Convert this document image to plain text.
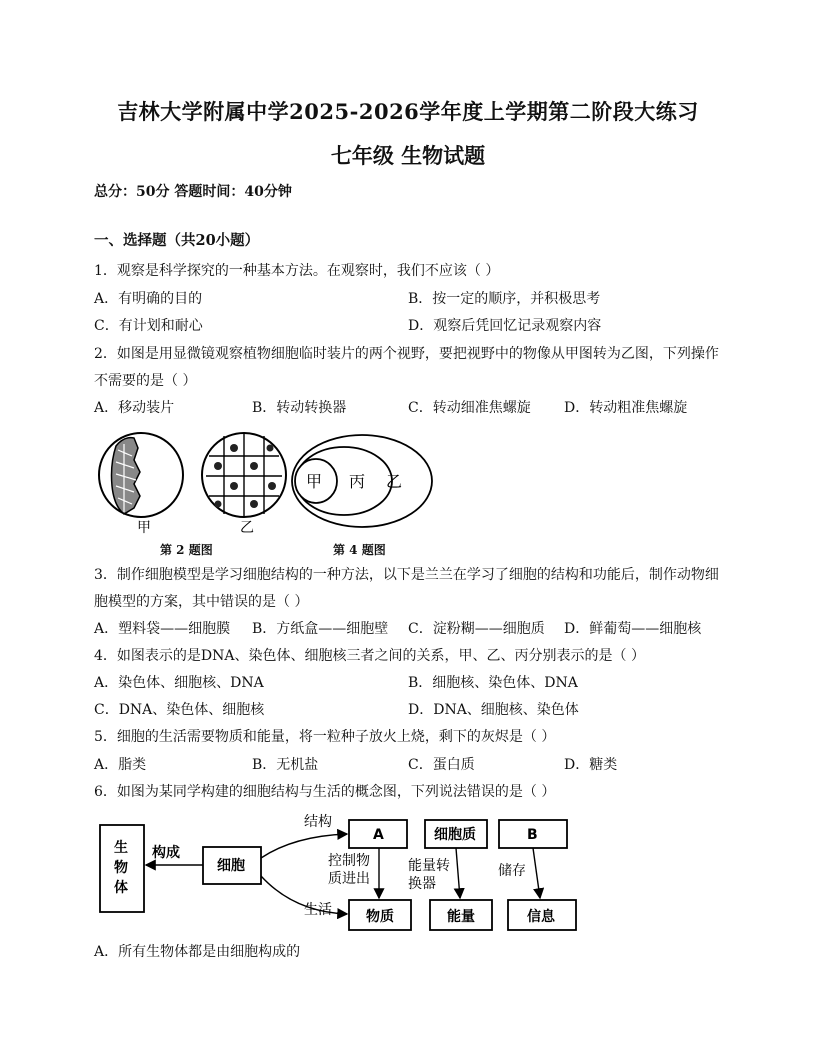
吉林大学附属中学2025-2026学年度上学期第二阶段大练习
七年级 生物试题
总分：50分 答题时间：40分钟
一、选择题（共20小题）
1．观察是科学探究的一种基本方法。在观察时，我们不应该（ ）
A．有明确的目的	B．按一定的顺序，并积极思考
C．有计划和耐心	D．观察后凭回忆记录观察内容
2．如图是用显微镜观察植物细胞临时装片的两个视野，要把视野中的物像从甲图转为乙图，下列操作
不需要的是（ ）
A．移动装片	B．转动转换器	C．转动细准焦螺旋 D．转动粗准焦螺旋
甲	乙
甲 丙 乙
第 2 题图	第 4 题图
3．制作细胞模型是学习细胞结构的一种方法，以下是兰兰在学习了细胞的结构和功能后，制作动物细
胞模型的方案，其中错误的是（ ）
A．塑料袋——细胞膜 B．方纸盒——细胞壁 C．淀粉糊——细胞质 D．鲜葡萄——细胞核
4．如图表示的是DNA、染色体、细胞核三者之间的关系，甲、乙、丙分别表示的是（ ）
A．染色体、细胞核、DNA	B．细胞核、染色体、DNA
C．DNA、染色体、细胞核	D．DNA、细胞核、染色体
5．细胞的生活需要物质和能量，将一粒种子放火上烧，剩下的灰烬是（ ）
A．脂类	B．无机盐	C．蛋白质	D．糖类
6．如图为某同学构建的细胞结构与生活的概念图，下列说法错误的是（ ）
生
物
体
构成
细胞
结构
生活
A	细胞质	B
控制物
质进出
能量转
换器
储存
物质	能量	信息
A．所有生物体都是由细胞构成的
